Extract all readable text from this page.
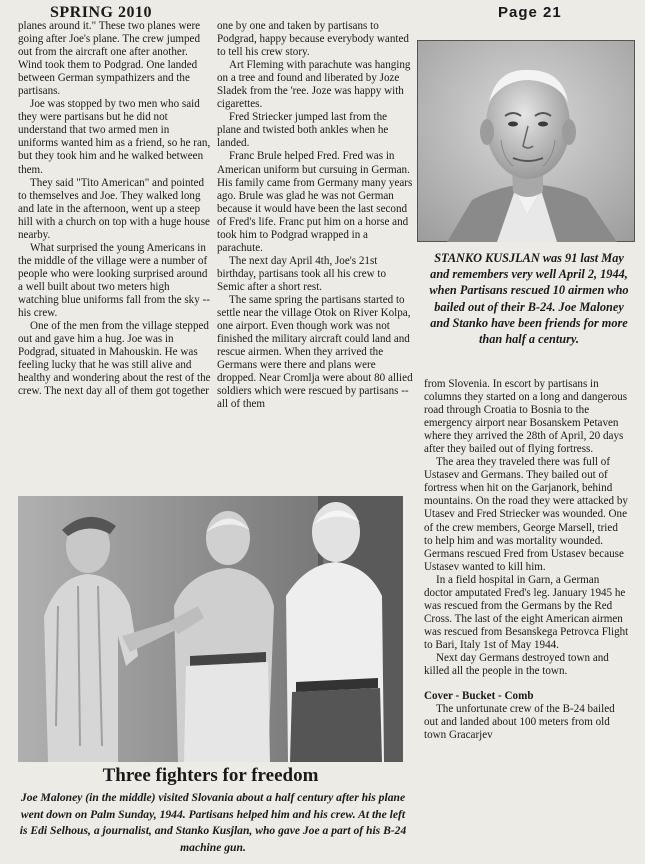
SPRING 2010	Page 21

planes around it." These two planes were going after Joe's plane. The crew jumped out from the aircraft one after another. Wind took them to Podgrad. One landed between German sympathizers and the partisans.

Joe was stopped by two men who said they were partisans but he did not understand that two armed men in uniforms wanted him as a friend, so he ran, but they took him and he walked between them.

They said "Tito American" and pointed to themselves and Joe. They walked long and late in the afternoon, went up a steep hill with a church on top with a huge house nearby.

What surprised the young Americans in the middle of the village were a number of people who were looking surprised around a well built about two meters high watching blue uniforms fall from the sky -- his crew.

One of the men from the village stepped out and gave him a hug. Joe was in Podgrad, situated in Mahouskin. He was feeling lucky that he was still alive and healthy and wondering about the rest of the crew. The next day all of them got together

one by one and taken by partisans to Podgrad, happy because everybody wanted to tell his crew story.

Art Fleming with parachute was hanging on a tree and found and liberated by Joze Sladek from the 'ree. Joze was happy with cigarettes.

Fred Striecker jumped last from the plane and twisted both ankles when he landed.

Franc Brule helped Fred. Fred was in American uniform but cursuing in German. His family came from Germany many years ago. Brule was glad he was not German because it would have been the last second of Fred's life. Franc put him on a horse and took him to Podgrad wrapped in a parachute.

The next day April 4th, Joe's 21st birthday, partisans took all his crew to Semic after a short rest.

The same spring the partisans started to settle near the village Otok on River Kolpa, one airport. Even though work was not finished the military aircraft could land and rescue airmen. When they arrived the Germans were there and plans were dropped. Near Cromlja were about 80 allied soldiers which were rescued by partisans -- all of them

STANKO KUSJLAN was 91 last May and remembers very well April 2, 1944, when Partisans rescued 10 airmen who bailed out of their B-24. Joe Maloney and Stanko have been friends for more than half a century.

from Slovenia. In escort by partisans in columns they started on a long and dangerous road through Croatia to Bosnia to the emergency airport near Bosanskem Petaven where they arrived the 28th of April, 20 days after they bailed out of flying fortress.

The area they traveled there was full of Ustasev and Germans. They bailed out of fortress when hit on the Garjanork, behind mountains. On the road they were attacked by Utasev and Fred Striecker was wounded. One of the crew members, George Marsell, tried to help him and was mortality wounded. Germans rescued Fred from Ustasev because Ustasev wanted to kill him.

In a field hospital in Garn, a German doctor amputated Fred's leg. January 1945 he was rescued from the Germans by the Red Cross. The last of the eight American airmen was rescued from Besanskega Petrovca Flight to Bari, Italy 1st of May 1944.

Next day Germans destroyed town and killed all the people in the town.

Cover - Bucket - Comb

The unfortunate crew of the B-24 bailed out and landed about 100 meters from old town Gracarjev

Three fighters for freedom
Joe Maloney (in the middle) visited Slovania about a half century after his plane went down on Palm Sunday, 1944. Partisans helped him and his crew. At the left is Edi Selhous, a journalist, and Stanko Kusjlan, who gave Joe a part of his B-24 machine gun.
